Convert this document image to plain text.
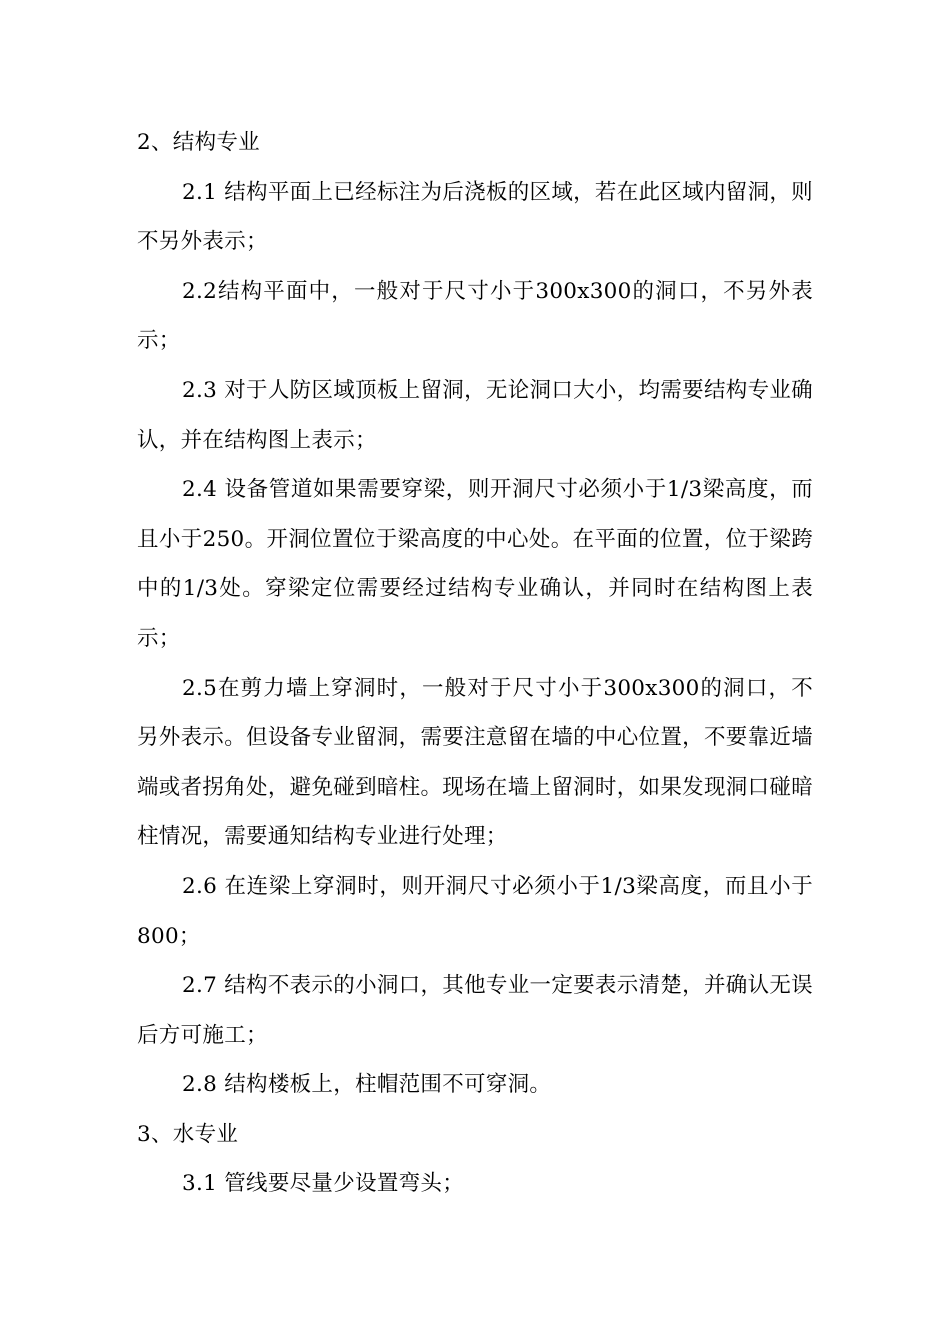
2、结构专业
2.1 结构平面上已经标注为后浇板的区域，若在此区域内留洞，则不另外表示；
2.2结构平面中，一般对于尺寸小于300x300的洞口，不另外表示；
2.3 对于人防区域顶板上留洞，无论洞口大小，均需要结构专业确认，并在结构图上表示；
2.4 设备管道如果需要穿梁，则开洞尺寸必须小于1/3梁高度，而且小于250。开洞位置位于梁高度的中心处。在平面的位置，位于梁跨中的1/3处。穿梁定位需要经过结构专业确认，并同时在结构图上表示；
2.5在剪力墙上穿洞时，一般对于尺寸小于300x300的洞口，不另外表示。但设备专业留洞，需要注意留在墙的中心位置，不要靠近墙端或者拐角处，避免碰到暗柱。现场在墙上留洞时，如果发现洞口碰暗柱情况，需要通知结构专业进行处理；
2.6 在连梁上穿洞时，则开洞尺寸必须小于1/3梁高度，而且小于800；
2.7 结构不表示的小洞口，其他专业一定要表示清楚，并确认无误后方可施工；
2.8 结构楼板上，柱帽范围不可穿洞。
3、水专业
3.1 管线要尽量少设置弯头；
